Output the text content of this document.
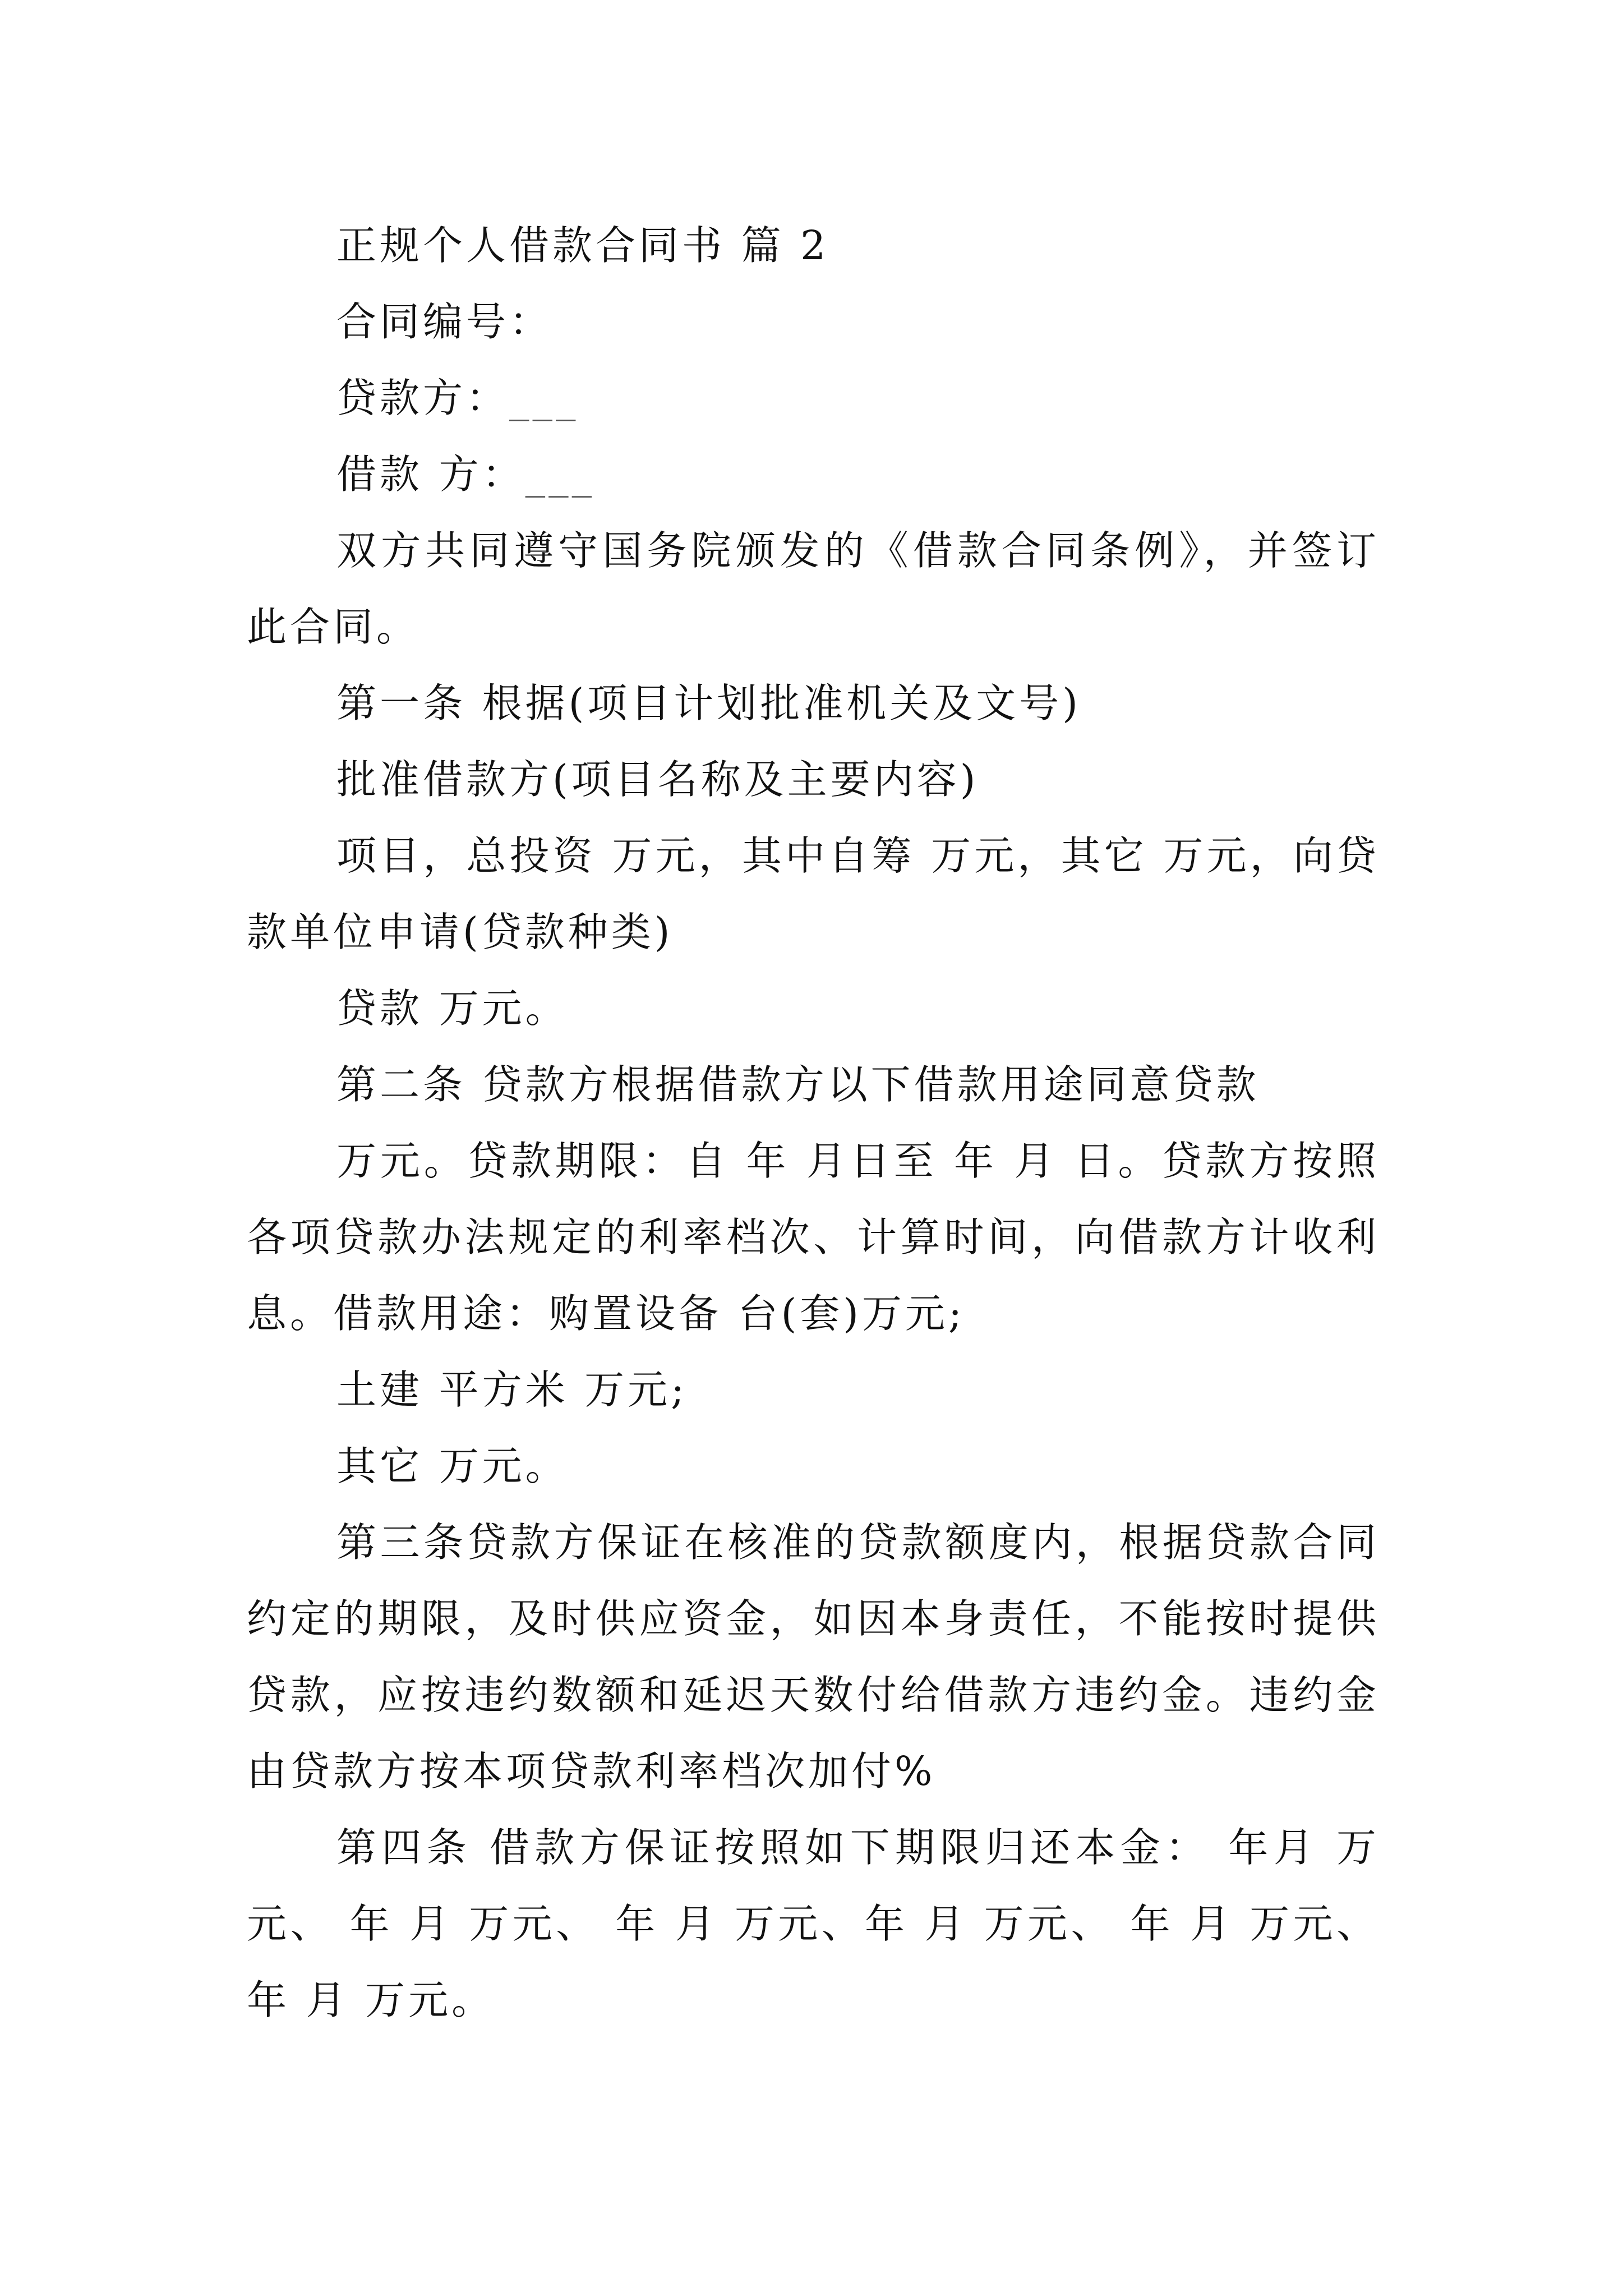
正规个人借款合同书 篇 2

合同编号：

贷款方：___

借款 方：___

双方共同遵守国务院颁发的《借款合同条例》，并签订此合同。

第一条 根据(项目计划批准机关及文号)

批准借款方(项目名称及主要内容)

项目，总投资 万元，其中自筹 万元，其它 万元，向贷款单位申请(贷款种类)

贷款 万元。

第二条 贷款方根据借款方以下借款用途同意贷款

万元。贷款期限：自 年 月日至 年 月 日。贷款方按照各项贷款办法规定的利率档次、计算时间，向借款方计收利息。借款用途：购置设备 台(套)万元;

土建 平方米 万元;

其它 万元。

第三条贷款方保证在核准的贷款额度内，根据贷款合同约定的期限，及时供应资金，如因本身责任，不能按时提供贷款，应按违约数额和延迟天数付给借款方违约金。违约金由贷款方按本项贷款利率档次加付%

第四条 借款方保证按照如下期限归还本金： 年月 万元、 年 月 万元、 年 月 万元、年 月 万元、 年 月 万元、 年 月 万元。
